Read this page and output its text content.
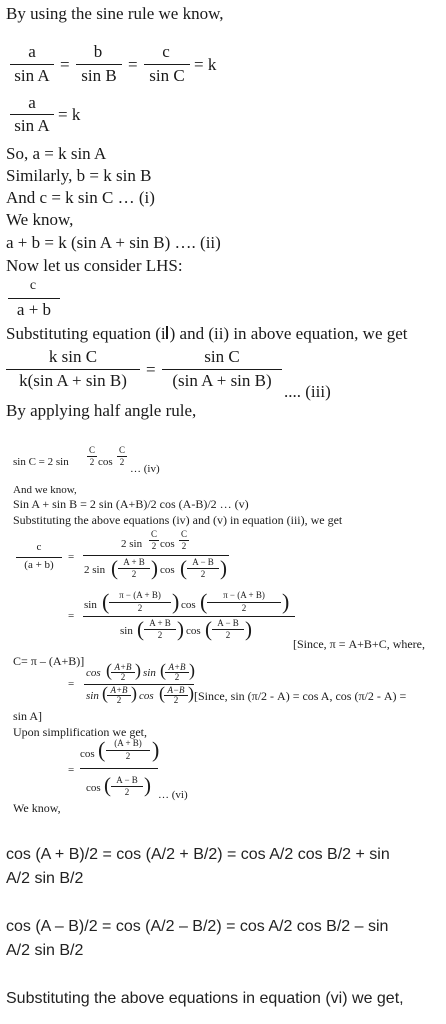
By using the sine rule we know,
a
sin A
=
b
sin B
=
c
sin C
= k
a
sin A
= k
So, a = k sin A
Similarly, b = k sin B
And c = k sin C … (i)
We know,
a + b = k (sin A + sin B) …. (ii)
Now let us consider LHS:
c
a + b
Substituting equation (i ) and (ii) in above equation, we get
k sin C
k(sin A + sin B)
=
sin C
(sin A + sin B)
.... (iii)
By applying half angle rule,
sin C = 2 sin
C
2 cos
C
2
… (iv)
And we know,
Sin A + sin B = 2 sin (A+B)/2 cos (A-B)/2 … (v)
Substituting the above equations (iv) and (v) in equation (iii), we get
c
(a + b)
=
2 sin
C
2 cos
C
2
2 sin ( A + B
2 ) cos ( A − B
2 )
=
sin (	π − (A + B)
2	) cos (	π − (A + B)
2	)
sin ( A + B
2 ) cos ( A − B
2 )
[Since, π = A+B+C, where,
C= π – (A+B)]
=
cos ( A+B
2 ) sin ( A+B
2 )
sin ( A+B
2 ) cos ( A−B
2 ) [Since, sin (π/2 - A) = cos A, cos (π/2 - A) =
sin A]
Upon simplification we get,
=
cos ( (A + B)
2 )
cos ( A − B
2 ) … (vi)
We know,
cos (A + B)/2 = cos (A/2 + B/2) = cos A/2 cos B/2 + sin
A/2 sin B/2
cos (A – B)/2 = cos (A/2 – B/2) = cos A/2 cos B/2 – sin
A/2 sin B/2
Substituting the above equations in equation (vi) we get,
